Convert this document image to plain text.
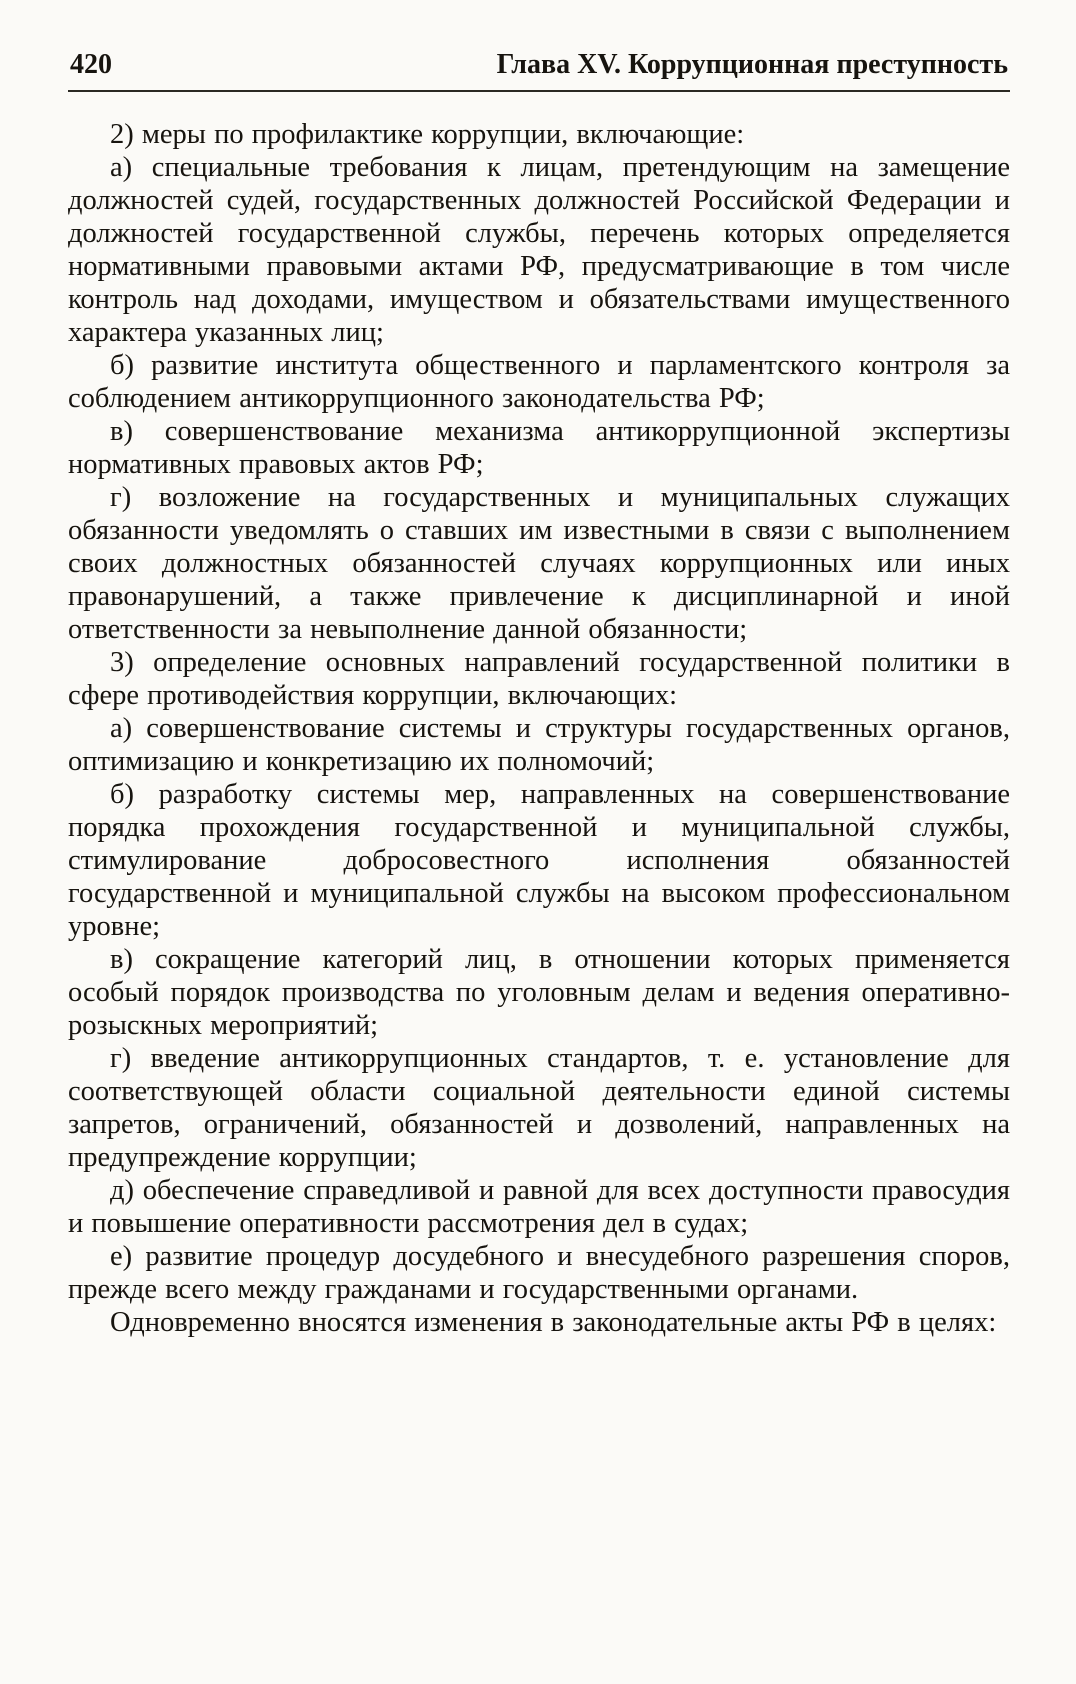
420	Глава XV. Коррупционная преступность

2) меры по профилактике коррупции, включающие:

а) специальные требования к лицам, претендующим на замещение должностей судей, государственных должностей Российской Федерации и должностей государственной службы, перечень которых определяется нормативными правовыми актами РФ, предусматривающие в том числе контроль над доходами, имуществом и обязательствами имущественного характера указанных лиц;

б) развитие института общественного и парламентского контроля за соблюдением антикоррупционного законодательства РФ;

в) совершенствование механизма антикоррупционной экспертизы нормативных правовых актов РФ;

г) возложение на государственных и муниципальных служащих обязанности уведомлять о ставших им известными в связи с выполнением своих должностных обязанностей случаях коррупционных или иных правонарушений, а также привлечение к дисциплинарной и иной ответственности за невыполнение данной обязанности;

3) определение основных направлений государственной политики в сфере противодействия коррупции, включающих:

а) совершенствование системы и структуры государственных органов, оптимизацию и конкретизацию их полномочий;

б) разработку системы мер, направленных на совершенствование порядка прохождения государственной и муниципальной службы, стимулирование добросовестного исполнения обязанностей государственной и муниципальной службы на высоком профессиональном уровне;

в) сокращение категорий лиц, в отношении которых применяется особый порядок производства по уголовным делам и ведения оперативно-розыскных мероприятий;

г) введение антикоррупционных стандартов, т. е. установление для соответствующей области социальной деятельности единой системы запретов, ограничений, обязанностей и дозволений, направленных на предупреждение коррупции;

д) обеспечение справедливой и равной для всех доступности правосудия и повышение оперативности рассмотрения дел в судах;

е) развитие процедур досудебного и внесудебного разрешения споров, прежде всего между гражданами и государственными органами.

Одновременно вносятся изменения в законодательные акты РФ в целях:
